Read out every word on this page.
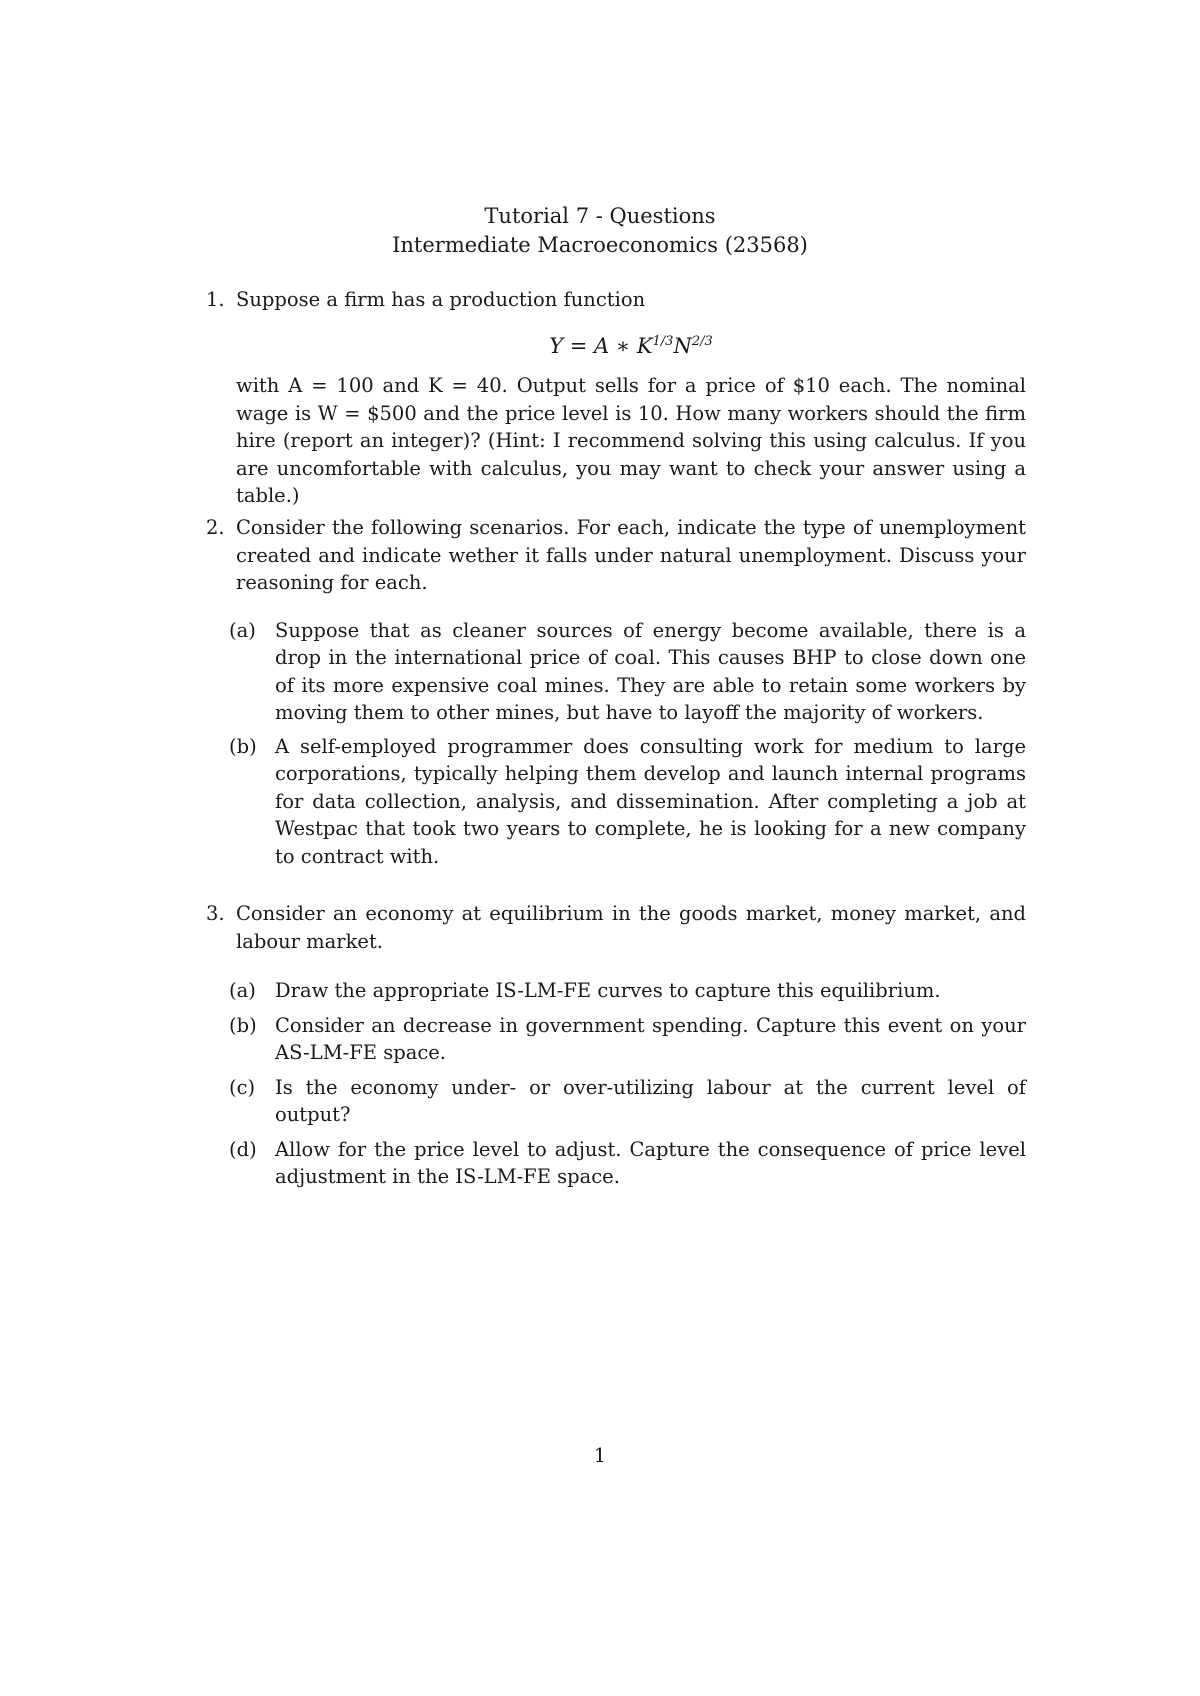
Tutorial 7 - Questions
Intermediate Macroeconomics (23568)
1. Suppose a firm has a production function
Y = A ∗ $K^{1/3}N^{2/3}$
with A = 100 and K = 40. Output sells for a price of $10 each. The nominal wage is W = $500 and the price level is 10. How many workers should the firm hire (report an integer)? (Hint: I recommend solving this using calculus. If you are uncomfortable with calculus, you may want to check your answer using a table.)
2. Consider the following scenarios. For each, indicate the type of unemployment created and indicate wether it falls under natural unemployment. Discuss your reasoning for each.
(a) Suppose that as cleaner sources of energy become available, there is a drop in the international price of coal. This causes BHP to close down one of its more expensive coal mines. They are able to retain some workers by moving them to other mines, but have to layoff the majority of workers.
(b) A self-employed programmer does consulting work for medium to large corporations, typically helping them develop and launch internal programs for data collection, analysis, and dissemination. After completing a job at Westpac that took two years to complete, he is looking for a new company to contract with.
3. Consider an economy at equilibrium in the goods market, money market, and labour market.
(a) Draw the appropriate IS-LM-FE curves to capture this equilibrium.
(b) Consider an decrease in government spending. Capture this event on your AS-LM-FE space.
(c) Is the economy under- or over-utilizing labour at the current level of output?
(d) Allow for the price level to adjust. Capture the consequence of price level adjustment in the IS-LM-FE space.
1
